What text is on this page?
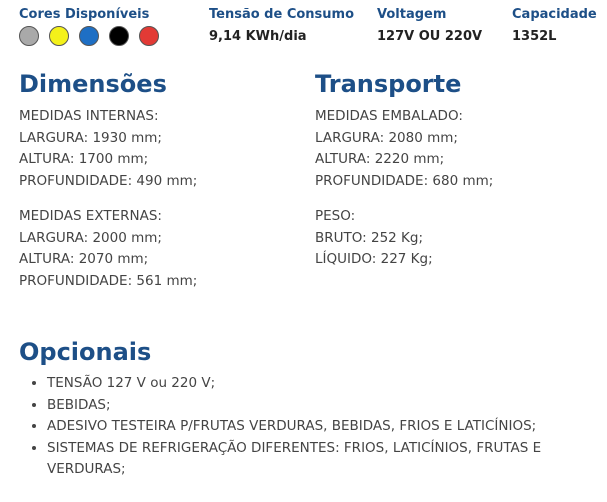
Cores Disponíveis	Tensão de Consumo
9,14 KWh/dia
Voltagem
127V OU 220V
Capacidade
1352L
Dimensões
MEDIDAS INTERNAS:
LARGURA: 1930 mm;
ALTURA: 1700 mm;
PROFUNDIDADE: 490 mm;
MEDIDAS EXTERNAS:
LARGURA: 2000 mm;
ALTURA: 2070 mm;
PROFUNDIDADE: 561 mm;
Transporte
MEDIDAS EMBALADO:
LARGURA: 2080 mm;
ALTURA: 2220 mm;
PROFUNDIDADE: 680 mm;
PESO:
BRUTO: 252 Kg;
LÍQUIDO: 227 Kg;
Opcionais
• TENSÃO 127 V ou 220 V;
• BEBIDAS;
• ADESIVO TESTEIRA P/FRUTAS VERDURAS, BEBIDAS, FRIOS E LATICÍNIOS;
• SISTEMAS DE REFRIGERAÇÃO DIFERENTES: FRIOS, LATICÍNIOS, FRUTAS E VERDURAS;
